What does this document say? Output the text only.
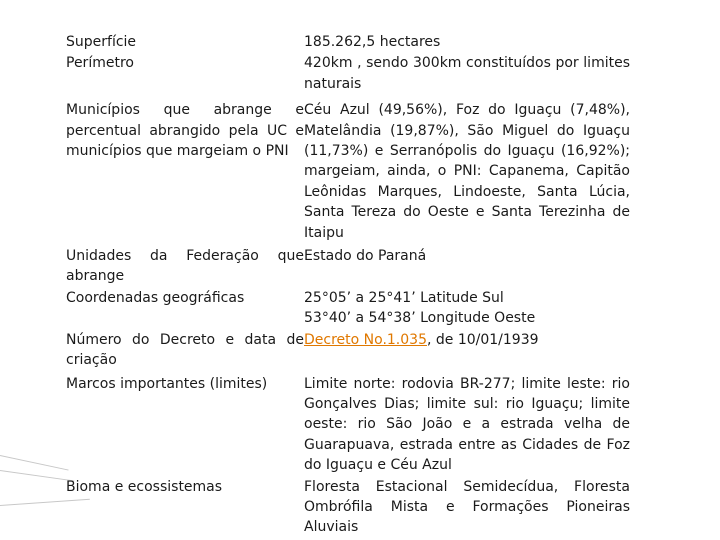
Superfície	185.262,5 hectares
Perímetro	420km , sendo 300km constituídos por limites naturais
Municípios que abrange e percentual abrangido pela UC e municípios que margeiam o PNI	Céu Azul (49,56%), Foz do Iguaçu (7,48%), Matelândia (19,87%), São Miguel do Iguaçu (11,73%) e Serranópolis do Iguaçu (16,92%); margeiam, ainda, o PNI: Capanema, Capitão Leônidas Marques, Lindoeste, Santa Lúcia, Santa Tereza do Oeste e Santa Terezinha de Itaipu
Unidades da Federação que abrange	Estado do Paraná
Coordenadas geográficas	25°05’ a 25°41’ Latitude Sul
53°40’ a 54°38’ Longitude Oeste

Número do Decreto e data de criação	Decreto No.1.035, de 10/01/1939
Marcos importantes (limites)	Limite norte: rodovia BR-277; limite leste: rio Gonçalves Dias; limite sul: rio Iguaçu; limite oeste: rio São João e a estrada velha de Guarapuava, estrada entre as Cidades de Foz do Iguaçu e Céu Azul
Bioma e ecossistemas	Floresta Estacional Semidecídua, Floresta Ombrófila Mista e Formações Pioneiras Aluviais
